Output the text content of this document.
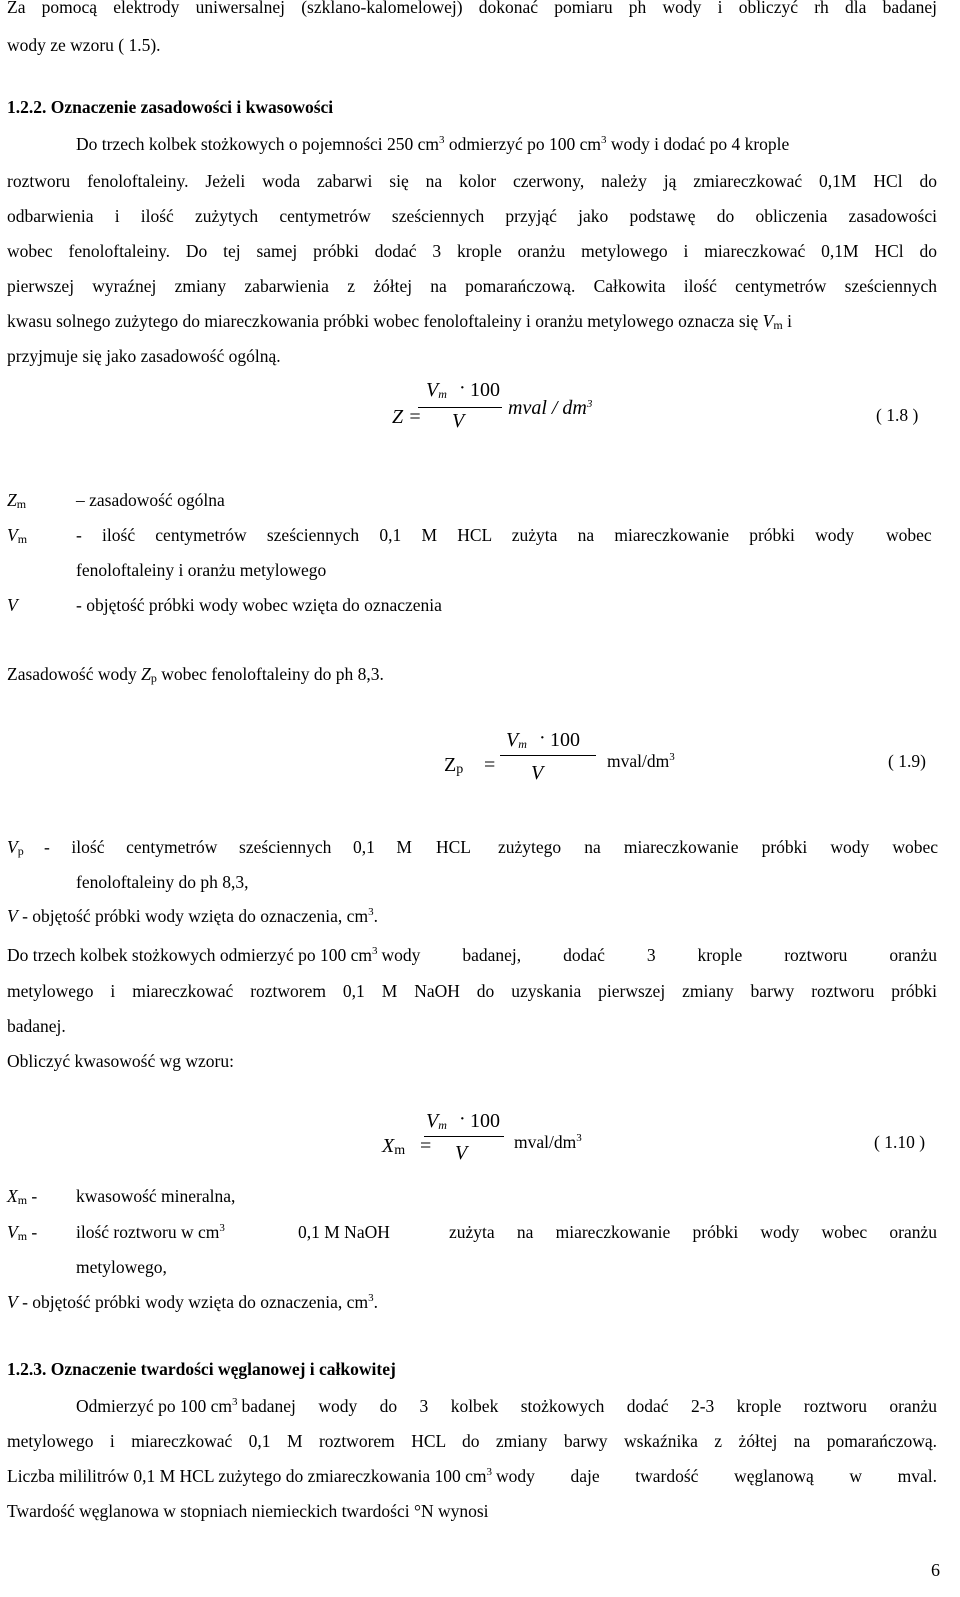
Za pomocą elektrody uniwersalnej (szklano-kalomelowej) dokonać pomiaru ph wody i obliczyć rh dla badanej
wody ze wzoru ( 1.5).
1.2.2. Oznaczenie zasadowości i kwasowości
Do trzech kolbek stożkowych o pojemności 250 $cm^3$ odmierzyć po 100 $cm^3$ wody i dodać po 4 krople
roztworu fenoloftaleiny. Jeżeli woda zabarwi się na kolor czerwony, należy ją zmiareczkować 0,1M HCl do
odbarwienia i ilość zużytych centymetrów sześciennych przyjąć jako podstawę do obliczenia zasadowości
wobec fenoloftaleiny. Do tej samej próbki dodać 3 krople oranżu metylowego i miareczkować 0,1M HCl do
pierwszej wyraźnej zmiany zabarwienia z żółtej na pomarańczową. Całkowita ilość centymetrów sześciennych
kwasu solnego zużytego do miareczkowania próbki wobec fenoloftaleiny i oranżu metylowego oznacza się $V_m$ i
przyjmuje się jako zasadowość ogólną.
Z =
$V_m \cdot 100$
V
mval / $dm^3$
( 1.8 )
$Z_m$	– zasadowość ogólna
$V_m$	- ilość centymetrów sześciennych 0,1 M HCL zużyta na miareczkowanie próbki wody wobec
fenoloftaleiny i oranżu metylowego
V	- objętość próbki wody wobec wzięta do oznaczenia
Zasadowość wody $Z_p$ wobec fenoloftaleiny do ph 8,3.
$Z_p$ =
$V_m \cdot 100$
V
mval/$dm^3$	( 1.9)
$V_p$ - ilość centymetrów sześciennych 0,1 M HCL zużytego na miareczkowanie próbki wody wobec
fenoloftaleiny do ph 8,3,
V - objętość próbki wody wzięta do oznaczenia, $cm^3$.
Do trzech kolbek stożkowych odmierzyć po 100 $cm^3$ wody badanej, dodać 3 krople roztworu oranżu
metylowego i miareczkować roztworem 0,1 M NaOH do uzyskania pierwszej zmiany barwy roztworu próbki
badanej.
Obliczyć kwasowość wg wzoru:
$X_m$ =
$V_m \cdot 100$
V	mval/$dm^3$	( 1.10 )
$X_m$ - kwasowość mineralna,
$V_m$ - ilość roztworu w $cm^3$	0,1 M NaOH	zużyta na miareczkowanie próbki wody wobec oranżu
metylowego,
V - objętość próbki wody wzięta do oznaczenia, $cm^3$.
1.2.3. Oznaczenie twardości węglanowej i całkowitej
Odmierzyć po 100 $cm^3$ badanej wody do 3 kolbek stożkowych dodać 2-3 krople roztworu oranżu
metylowego i miareczkować 0,1 M roztworem HCL do zmiany barwy wskaźnika z żółtej na pomarańczową.
Liczba mililitrów 0,1 M HCL zużytego do zmiareczkowania 100 $cm^3$ wody daje twardość węglanową w mval.
Twardość węglanowa w stopniach niemieckich twardości °N wynosi
6
